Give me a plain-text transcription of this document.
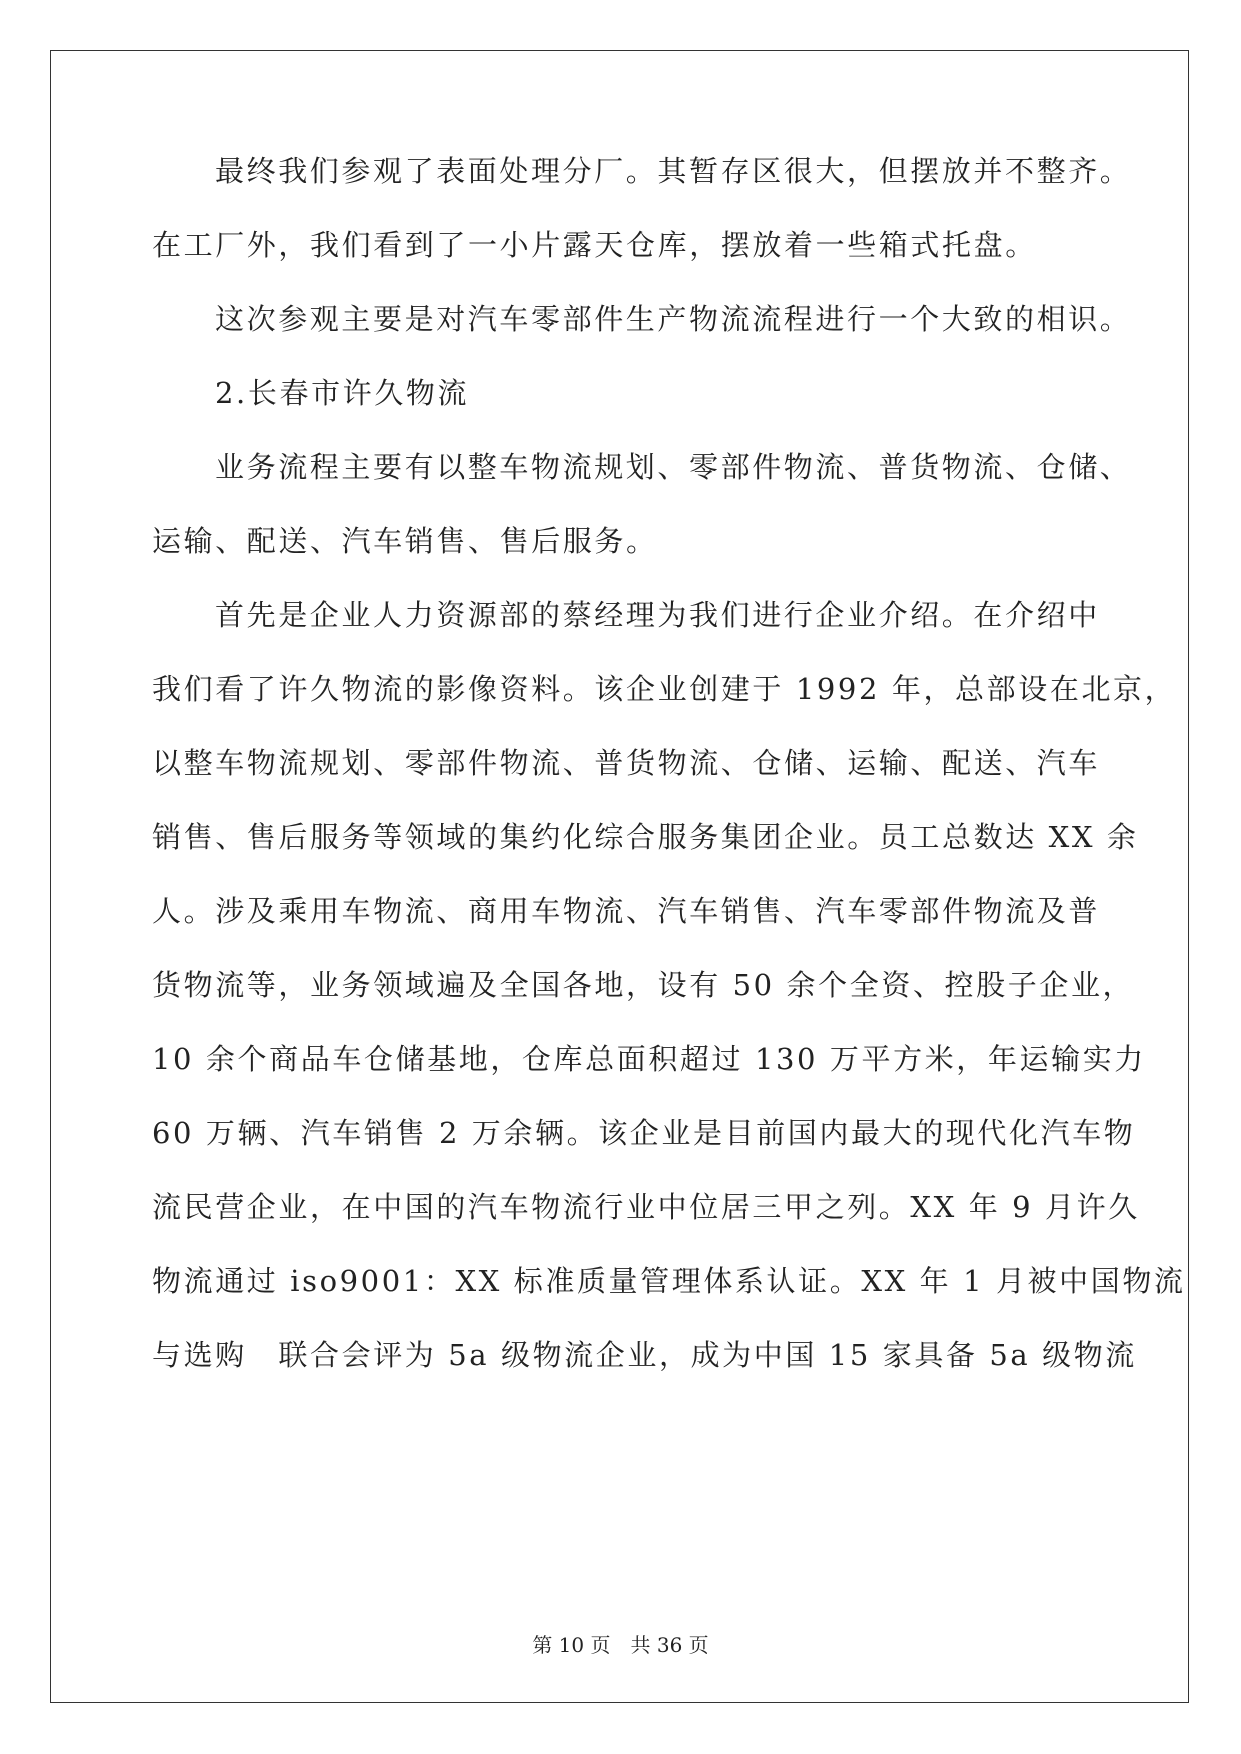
最终我们参观了表面处理分厂。其暂存区很大，但摆放并不整齐。
在工厂外，我们看到了一小片露天仓库，摆放着一些箱式托盘。
这次参观主要是对汽车零部件生产物流流程进行一个大致的相识。
2.长春市许久物流
业务流程主要有以整车物流规划、零部件物流、普货物流、仓储、
运输、配送、汽车销售、售后服务。
首先是企业人力资源部的蔡经理为我们进行企业介绍。在介绍中
我们看了许久物流的影像资料。该企业创建于 1992 年，总部设在北京，
以整车物流规划、零部件物流、普货物流、仓储、运输、配送、汽车
销售、售后服务等领域的集约化综合服务集团企业。员工总数达 XX 余
人。涉及乘用车物流、商用车物流、汽车销售、汽车零部件物流及普
货物流等，业务领域遍及全国各地，设有 50 余个全资、控股子企业，
10 余个商品车仓储基地，仓库总面积超过 130 万平方米，年运输实力
60 万辆、汽车销售 2 万余辆。该企业是目前国内最大的现代化汽车物
流民营企业，在中国的汽车物流行业中位居三甲之列。XX 年 9 月许久
物流通过 iso9001：XX 标准质量管理体系认证。XX 年 1 月被中国物流
与选购　联合会评为 5a 级物流企业，成为中国 15 家具备 5a 级物流
第 10 页　共 36 页
